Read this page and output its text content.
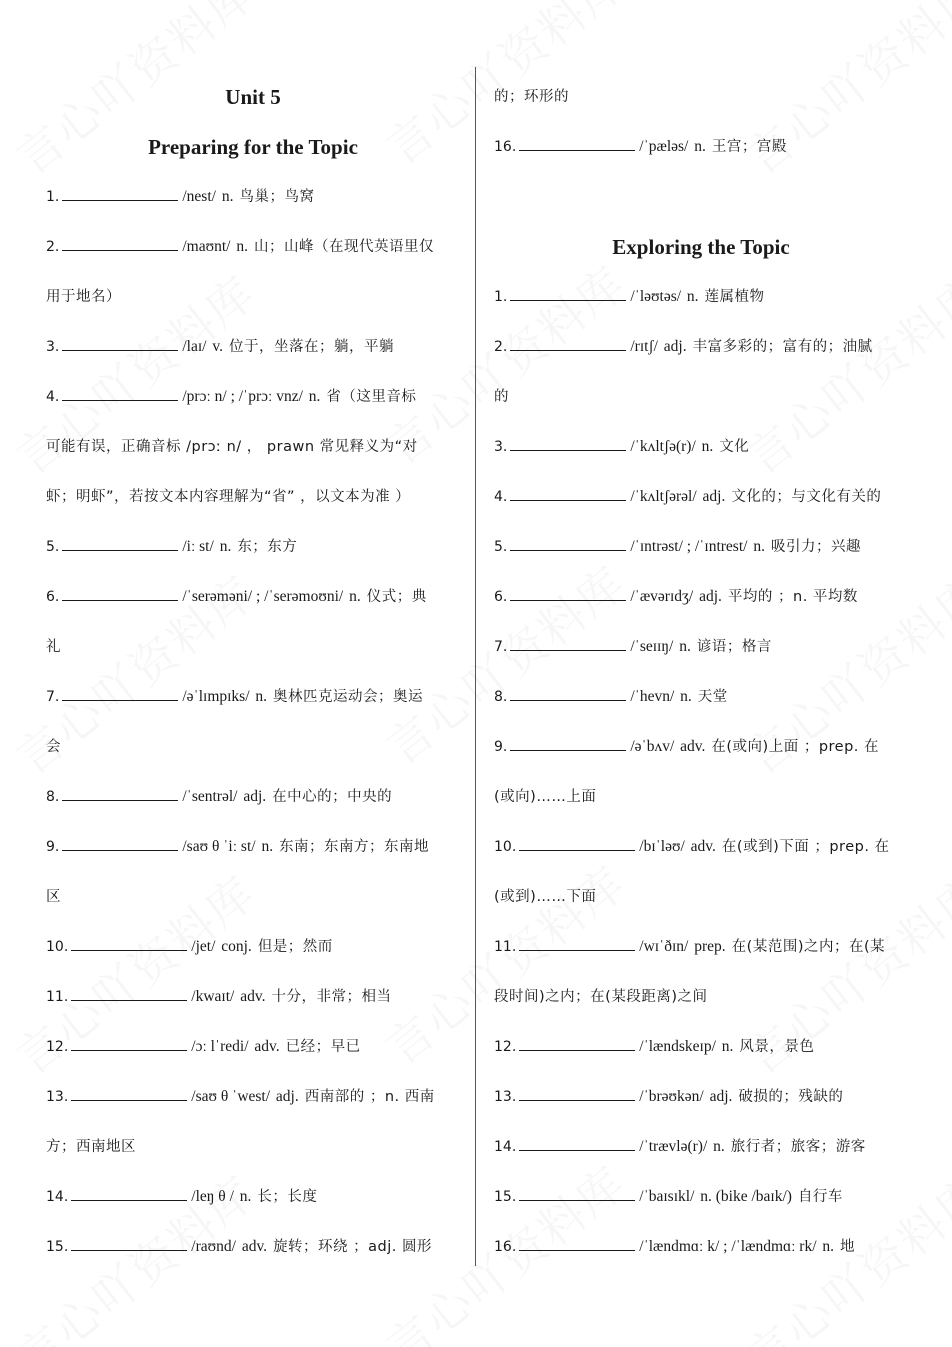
Unit 5
Preparing for the Topic
1.	/nest/ n. 鸟巢；鸟窝
2.	/maʊnt/ n. 山；山峰（在现代英语里仅
用于地名）
3.	/laɪ/ v. 位于，坐落在；躺，平躺
4.	/prɔː n/ ; /ˈprɔː vnz/ n. 省（这里音标
可能有误，正确音标 /prɔː n/ ， prawn 常见释义为“对
虾；明虾”，若按文本内容理解为“省” ，以文本为准 ）
5.	/iː st/ n. 东；东方
6.	/ˈserəməni/ ; /ˈserəmoʊni/ n. 仪式；典
礼
7.	/əˈlɪmpɪks/ n. 奥林匹克运动会；奥运
会
8.	/ˈsentrəl/ adj. 在中心的；中央的
9.	/saʊ θ ˈiː st/ n. 东南；东南方；东南地
区
10.	/jet/ conj. 但是；然而
11.	/kwaɪt/ adv. 十分，非常；相当
12.	/ɔː lˈredi/ adv. 已经；早已
13.	/saʊ θ ˈwest/ adj. 西南部的 ；n. 西南
方；西南地区
14.	/leŋ θ / n. 长；长度
15.	/raʊnd/ adv. 旋转；环绕 ；adj. 圆形
的；环形的
16.	/ˈpæləs/ n. 王宫；宫殿
Exploring the Topic
1.	/ˈləʊtəs/ n. 莲属植物
2.	/rɪtʃ/ adj. 丰富多彩的；富有的；油腻
的
3.	/ˈkʌltʃə(r)/ n. 文化
4.	/ˈkʌltʃərəl/ adj. 文化的；与文化有关的
5.	/ˈɪntrəst/ ; /ˈɪntrest/ n. 吸引力；兴趣
6.	/ˈævərɪdʒ/ adj. 平均的 ；n. 平均数
7.	/ˈseɪɪŋ/ n. 谚语；格言
8.	/ˈhevn/ n. 天堂
9.	/əˈbʌv/ adv. 在(或向)上面 ；prep. 在
(或向)……上面
10.	/bɪˈləʊ/ adv. 在(或到)下面 ；prep. 在
(或到)……下面
11.	/wɪˈðɪn/ prep. 在(某范围)之内；在(某
段时间)之内；在(某段距离)之间
12.	/ˈlændskeɪp/ n. 风景，景色
13.	/ˈbrəʊkən/ adj. 破损的；残缺的
14.	/ˈtrævlə(r)/ n. 旅行者；旅客；游客
15.	/ˈbaɪsɪkl/ n. (bike /baɪk/) 自行车
16.	/ˈlændmɑː k/ ; /ˈlændmɑː rk/ n. 地
